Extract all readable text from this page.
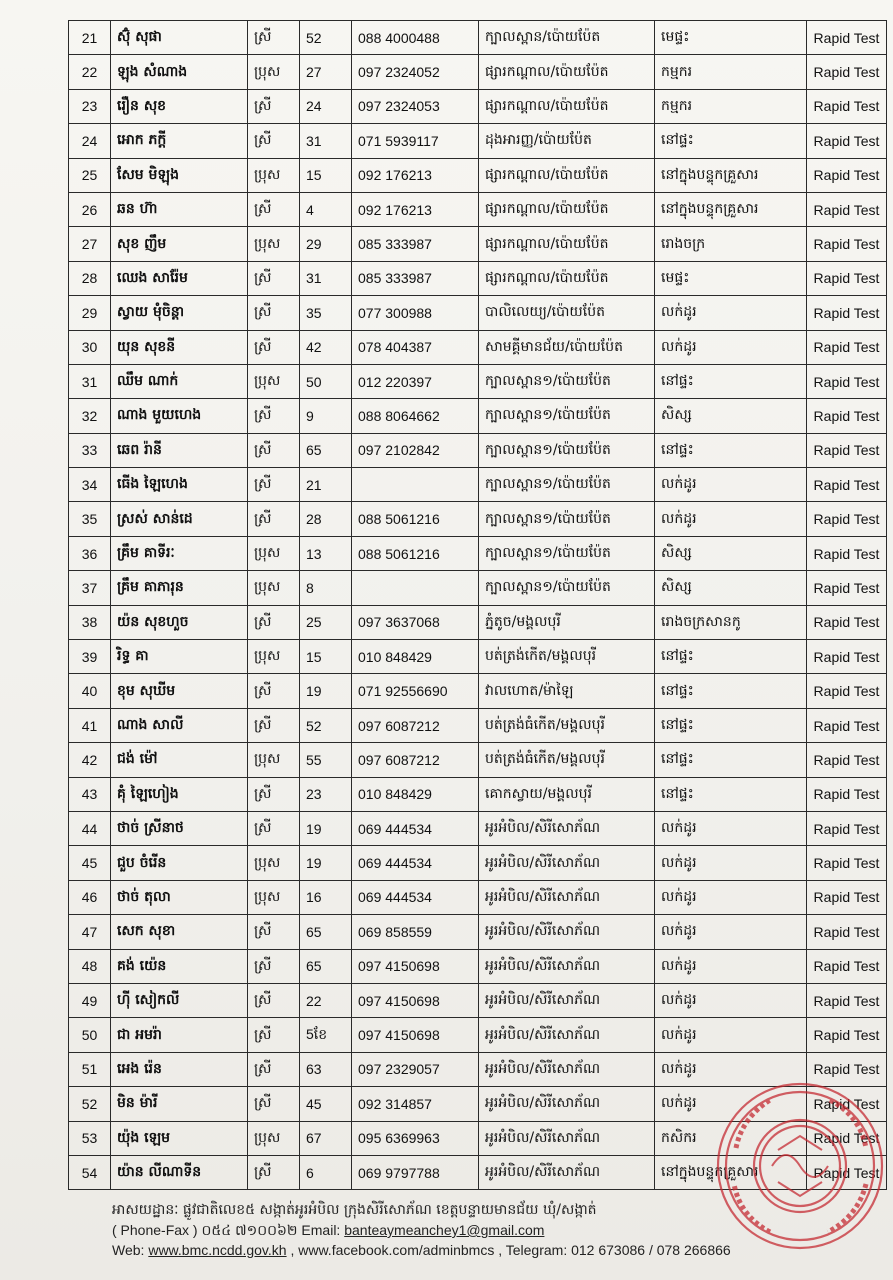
21	ស៊ុំ សុផា	ស្រី	52	088 4000488	ក្បាលស្ពាន/ប៉ោយប៉ែត	មេផ្ទះ	Rapid Test
22	ឡុង សំណាង	ប្រុស	27	097 2324052	ផ្សារកណ្ដាល/ប៉ោយប៉ែត	កម្មករ	Rapid Test
23	រឿន សុខ	ស្រី	24	097 2324053	ផ្សារកណ្ដាល/ប៉ោយប៉ែត	កម្មករ	Rapid Test
24	អោក ភក្ដី	ស្រី	31	071 5939117	ដុងអារញ្ញ/ប៉ោយប៉ែត	នៅផ្ទះ	Rapid Test
25	សែម មិឡុង	ប្រុស	15	092 176213	ផ្សារកណ្ដាល/ប៉ោយប៉ែត	នៅក្នុងបន្ទុកគ្រួសារ	Rapid Test
26	ឆន ហ៊ា	ស្រី	4	092 176213	ផ្សារកណ្ដាល/ប៉ោយប៉ែត	នៅក្នុងបន្ទុកគ្រួសារ	Rapid Test
27	សុខ ញឹម	ប្រុស	29	085 333987	ផ្សារកណ្ដាល/ប៉ោយប៉ែត	រោងចក្រ	Rapid Test
28	ឈេង សារ៉ែម	ស្រី	31	085 333987	ផ្សារកណ្ដាល/ប៉ោយប៉ែត	មេផ្ទះ	Rapid Test
29	ស្វាយ មុំចិន្ដា	ស្រី	35	077 300988	បាលិលេយ្យ/ប៉ោយប៉ែត	លក់ដូរ	Rapid Test
30	យុន សុខនី	ស្រី	42	078 404387	សាមគ្គីមានជ័យ/ប៉ោយប៉ែត	លក់ដូរ	Rapid Test
31	ឈឹម ណាក់	ប្រុស	50	012 220397	ក្បាលស្ពាន១/ប៉ោយប៉ែត	នៅផ្ទះ	Rapid Test
32	ណាង មួយហេង	ស្រី	9	088 8064662	ក្បាលស្ពាន១/ប៉ោយប៉ែត	សិស្ស	Rapid Test
33	ឆេព រ៉ានី	ស្រី	65	097 2102842	ក្បាលស្ពាន១/ប៉ោយប៉ែត	នៅផ្ទះ	Rapid Test
34	ធើង ឡៃហេង	ស្រី	21		ក្បាលស្ពាន១/ប៉ោយប៉ែត	លក់ដូរ	Rapid Test
35	ស្រស់ សាន់ដេ	ស្រី	28	088 5061216	ក្បាលស្ពាន១/ប៉ោយប៉ែត	លក់ដូរ	Rapid Test
36	គ្រឹម គាទីរៈ	ប្រុស	13	088 5061216	ក្បាលស្ពាន១/ប៉ោយប៉ែត	សិស្ស	Rapid Test
37	គ្រឹម គាភារុន	ប្រុស	8		ក្បាលស្ពាន១/ប៉ោយប៉ែត	សិស្ស	Rapid Test
38	យ៉ន សុខហួច	ស្រី	25	097 3637068	ភ្នំតូច/មង្គលបុរី	រោងចក្រសានកូ	Rapid Test
39	រិទ្ធ គា	ប្រុស	15	010 848429	បត់ត្រង់កើត/មង្គលបុរី	នៅផ្ទះ	Rapid Test
40	ខុម សុឃីម	ស្រី	19	071 92556690	វាលហោត/ម៉ាឡៃ	នៅផ្ទះ	Rapid Test
41	ណាង សាលី	ស្រី	52	097 6087212	បត់ត្រង់ធំកើត/មង្គលបុរី	នៅផ្ទះ	Rapid Test
42	ជង់ ម៉ៅ	ប្រុស	55	097 6087212	បត់ត្រង់ធំកើត/មង្គលបុរី	នៅផ្ទះ	Rapid Test
43	គុំ ឡៃហៀង	ស្រី	23	010 848429	គោកស្វាយ/មង្គលបុរី	នៅផ្ទះ	Rapid Test
44	ថាច់ ស្រីនាថ	ស្រី	19	069 444534	អូរអំបិល/សិរីសោភ័ណ	លក់ដូរ	Rapid Test
45	ជួប ចំរើន	ប្រុស	19	069 444534	អូរអំបិល/សិរីសោភ័ណ	លក់ដូរ	Rapid Test
46	ថាច់ តុលា	ប្រុស	16	069 444534	អូរអំបិល/សិរីសោភ័ណ	លក់ដូរ	Rapid Test
47	សេក សុខា	ស្រី	65	069 858559	អូរអំបិល/សិរីសោភ័ណ	លក់ដូរ	Rapid Test
48	គង់ យ៉េន	ស្រី	65	097 4150698	អូរអំបិល/សិរីសោភ័ណ	លក់ដូរ	Rapid Test
49	ហ៊ី សៀកលី	ស្រី	22	097 4150698	អូរអំបិល/សិរីសោភ័ណ	លក់ដូរ	Rapid Test
50	ជា អមរ៉ា	ស្រី	5ខែ	097 4150698	អូរអំបិល/សិរីសោភ័ណ	លក់ដូរ	Rapid Test
51	អេង រ៉េន	ស្រី	63	097 2329057	អូរអំបិល/សិរីសោភ័ណ	លក់ដូរ	Rapid Test
52	មិន ម៉ារី	ស្រី	45	092 314857	អូរអំបិល/សិរីសោភ័ណ	លក់ដូរ	Rapid Test
53	យ៉ុង ឡេម	ប្រុស	67	095 6369963	អូរអំបិល/សិរីសោភ័ណ	កសិករ	Rapid Test
54	យ៉ាន លីណាទីន	ស្រី	6	069 9797788	អូរអំបិល/សិរីសោភ័ណ	នៅក្នុងបន្ទុកគ្រួសារ	Rapid Test
អាសយដ្ឋានៈ ផ្លូវជាតិលេខ៥ សង្កាត់អូរអំបិល ក្រុងសិរីសោភ័ណ ខេត្តបន្ទាយមានជ័យ ឃុំ/សង្កាត់
( Phone-Fax ) ០៥៤ ៧១០០៦២ Email: banteaymeanchey1@gmail.com
Web: www.bmc.ncdd.gov.kh , www.facebook.com/adminbmcs , Telegram: 012 673086 / 078 266866
